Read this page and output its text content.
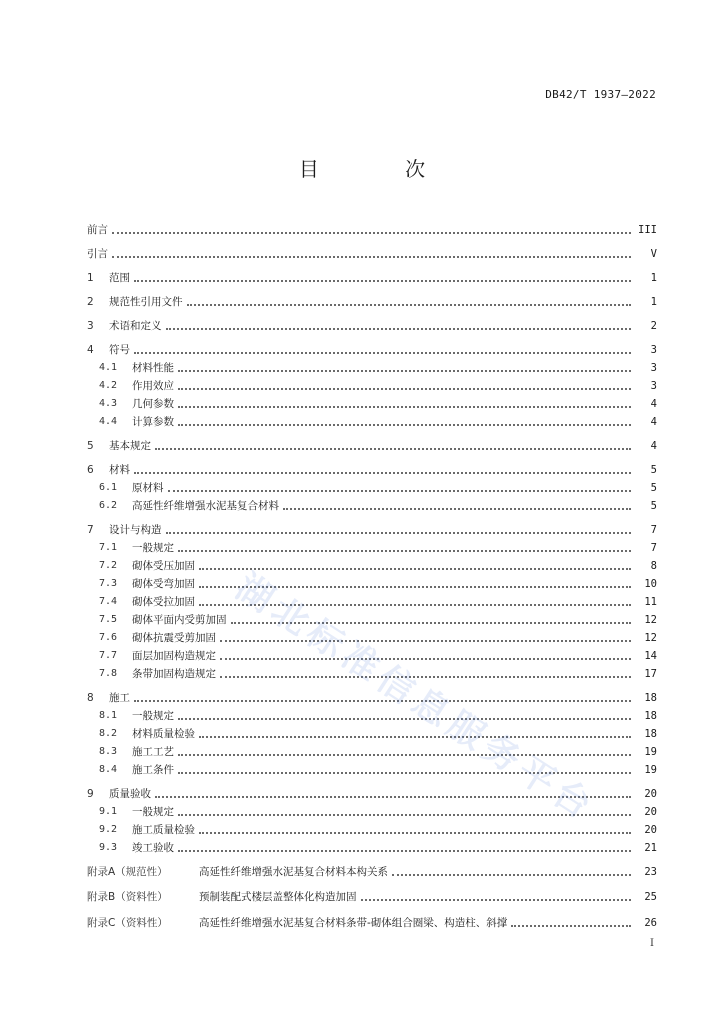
DB42/T 1937—2022
目 次
前言	III
引言	V
1	范围	1
2	规范性引用文件	1
3	术语和定义	2
4	符号	3
4.1	材料性能	3
4.2	作用效应	3
4.3	几何参数	4
4.4	计算参数	4
5	基本规定	4
6	材料	5
6.1	原材料	5
6.2	高延性纤维增强水泥基复合材料	5
7	设计与构造	7
7.1	一般规定	7
7.2	砌体受压加固	8
7.3	砌体受弯加固	10
7.4	砌体受拉加固	11
7.5	砌体平面内受剪加固	12
7.6	砌体抗震受剪加固	12
7.7	面层加固构造规定	14
7.8	条带加固构造规定	17
8	施工	18
8.1	一般规定	18
8.2	材料质量检验	18
8.3	施工工艺	19
8.4	施工条件	19
9	质量验收	20
9.1	一般规定	20
9.2	施工质量检验	20
9.3	竣工验收	21
附录A（规范性）	高延性纤维增强水泥基复合材料本构关系	23
附录B（资料性）	预制装配式楼层盖整体化构造加固	25
附录C（资料性）	高延性纤维增强水泥基复合材料条带-砌体组合圈梁、构造柱、斜撑	26
湖北标准信息服务平台
I
